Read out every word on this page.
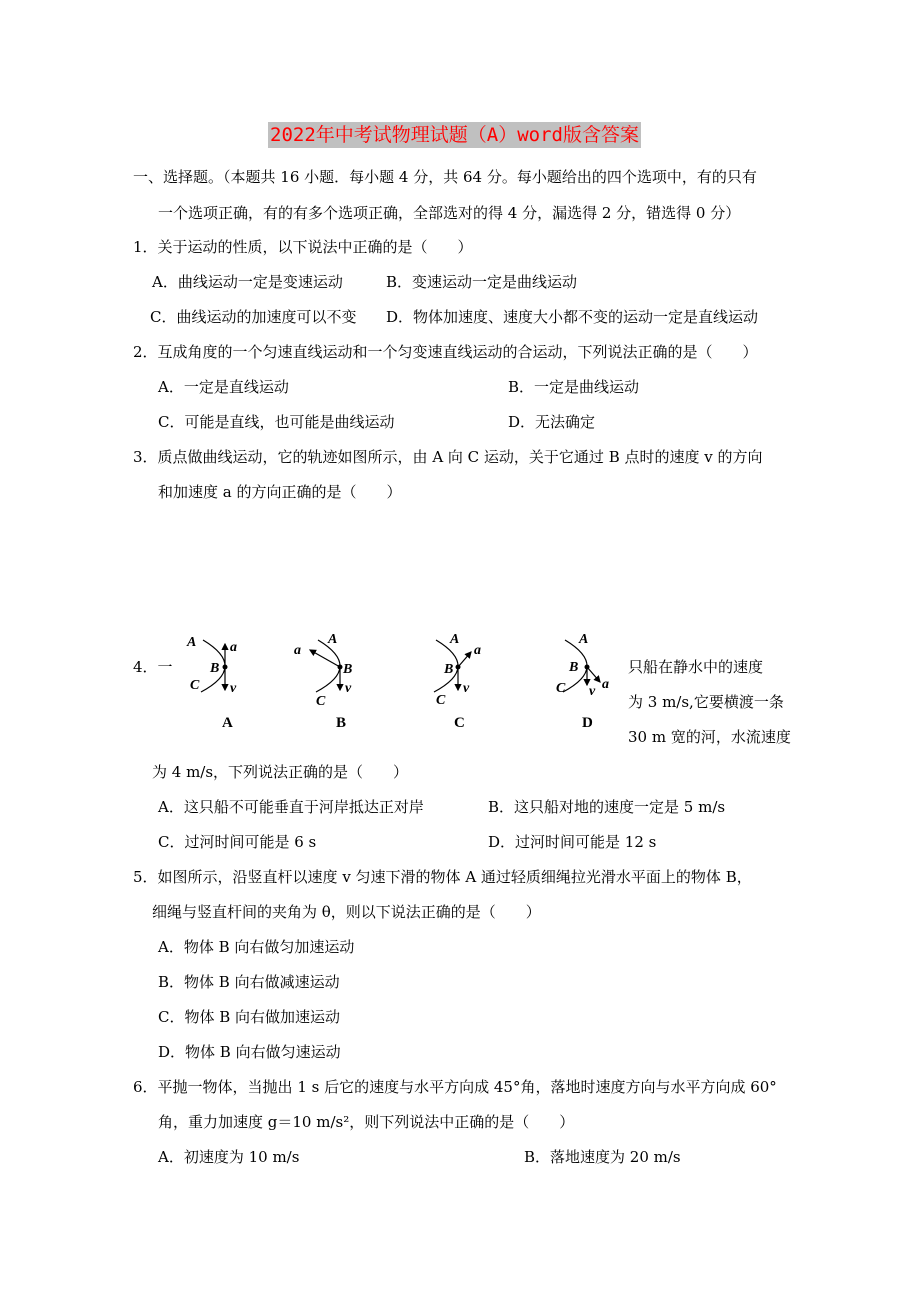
2022年中考试物理试题（A）word版含答案
一、选择题。（本题共 16 小题．每小题 4 分，共 64 分。每小题给出的四个选项中，有的只有
一个选项正确，有的有多个选项正确，全部选对的得 4 分，漏选得 2 分，错选得 0 分）
1．关于运动的性质，以下说法中正确的是（　　）
A．曲线运动一定是变速运动	B．变速运动一定是曲线运动
C．曲线运动的加速度可以不变 D．物体加速度、速度大小都不变的运动一定是直线运动
2．互成角度的一个匀速直线运动和一个匀变速直线运动的合运动，下列说法正确的是（　　）
A．一定是直线运动	B．一定是曲线运动
C．可能是直线，也可能是曲线运动	D．无法确定
3．质点做曲线运动，它的轨迹如图所示，由 A 向 C 运动，关于它通过 B 点时的速度 v 的方向
和加速度 a 的方向正确的是（　　）
4．一
A a
B
C v
A
A
a
B
C
v
B
A
a
B
C
v
C
A
a
B
C v
D
只船在静水中的速度
为 3 m/s,它要横渡一条
30 m 宽的河，水流速度
为 4 m/s，下列说法正确的是（　　）
A．这只船不可能垂直于河岸抵达正对岸	B．这只船对地的速度一定是 5 m/s
C．过河时间可能是 6 s	D．过河时间可能是 12 s
5．如图所示，沿竖直杆以速度 v 匀速下滑的物体 A 通过轻质细绳拉光滑水平面上的物体 B，
细绳与竖直杆间的夹角为 θ，则以下说法正确的是（　　）
A．物体 B 向右做匀加速运动
B．物体 B 向右做减速运动
C．物体 B 向右做加速运动
D．物体 B 向右做匀速运动
6．平抛一物体，当抛出 1 s 后它的速度与水平方向成 45°角，落地时速度方向与水平方向成 60°
角，重力加速度 g＝10 m/s²，则下列说法中正确的是（　　）
A．初速度为 10 m/s	B．落地速度为 20 m/s
